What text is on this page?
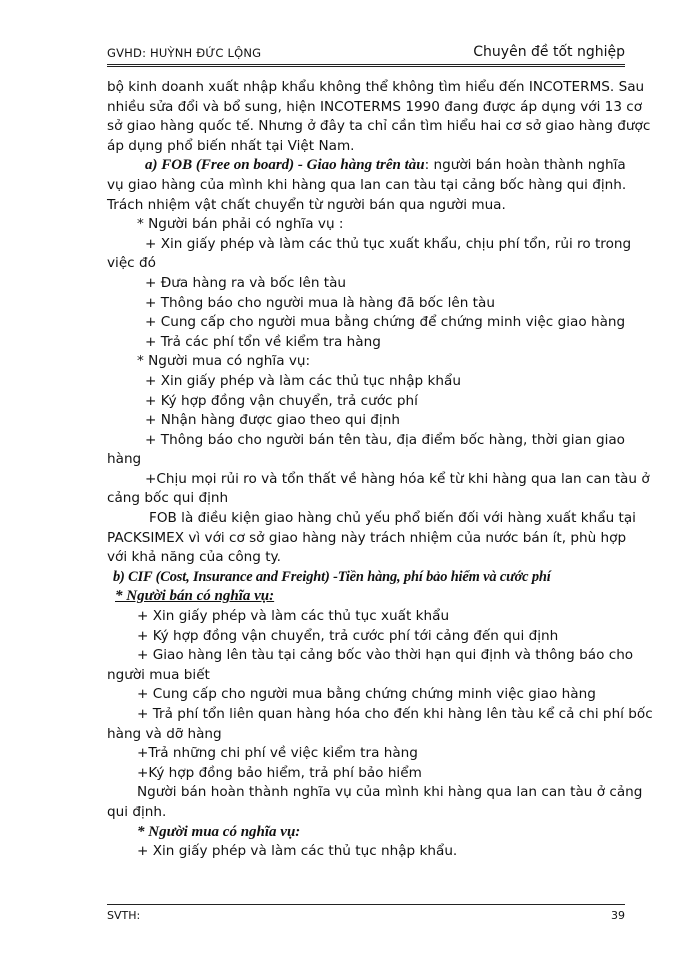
GVHD: HUỲNH ĐỨC LỘNG	Chuyên đề tốt nghiệp
bộ kinh doanh xuất nhập khẩu không thể không tìm hiểu đến INCOTERMS. Sau
nhiều sửa đổi và bổ sung, hiện INCOTERMS 1990 đang được áp dụng với 13 cơ
sở giao hàng quốc tế. Nhưng ở đây ta chỉ cần tìm hiểu hai cơ sở giao hàng được
áp dụng phổ biến nhất tại Việt Nam.
a) FOB (Free on board) - Giao hàng trên tàu: người bán hoàn thành nghĩa
vụ giao hàng của mình khi hàng qua lan can tàu tại cảng bốc hàng qui định.
Trách nhiệm vật chất chuyển từ người bán qua người mua.
* Người bán phải có nghĩa vụ :
+ Xin giấy phép và làm các thủ tục xuất khẩu, chịu phí tổn, rủi ro trong
việc đó
+ Đưa hàng ra và bốc lên tàu
+ Thông báo cho người mua là hàng đã bốc lên tàu
+ Cung cấp cho người mua bằng chứng để chứng minh việc giao hàng
+ Trả các phí tổn về kiểm tra hàng
* Người mua có nghĩa vụ:
+ Xin giấy phép và làm các thủ tục nhập khẩu
+ Ký hợp đồng vận chuyển, trả cước phí
+ Nhận hàng được giao theo qui định
+ Thông báo cho người bán tên tàu, địa điểm bốc hàng, thời gian giao
hàng
+Chịu mọi rủi ro và tổn thất về hàng hóa kể từ khi hàng qua lan can tàu ở
cảng bốc qui định
FOB là điều kiện giao hàng chủ yếu phổ biến đối với hàng xuất khẩu tại
PACKSIMEX vì với cơ sở giao hàng này trách nhiệm của nước bán ít, phù hợp
với khả năng của công ty.
b) CIF (Cost, Insurance and Freight) -Tiền hàng, phí bảo hiểm và cước phí
* Người bán có nghĩa vụ:
+ Xin giấy phép và làm các thủ tục xuất khẩu
+ Ký hợp đồng vận chuyển, trả cước phí tới cảng đến qui định
+ Giao hàng lên tàu tại cảng bốc vào thời hạn qui định và thông báo cho
người mua biết
+ Cung cấp cho người mua bằng chứng chứng minh việc giao hàng
+ Trả phí tổn liên quan hàng hóa cho đến khi hàng lên tàu kể cả chi phí bốc
hàng và dỡ hàng
+Trả những chi phí về việc kiểm tra hàng
+Ký hợp đồng bảo hiểm, trả phí bảo hiểm
Người bán hoàn thành nghĩa vụ của mình khi hàng qua lan can tàu ở cảng
qui định.
* Người mua có nghĩa vụ:
+ Xin giấy phép và làm các thủ tục nhập khẩu.
SVTH:	39
